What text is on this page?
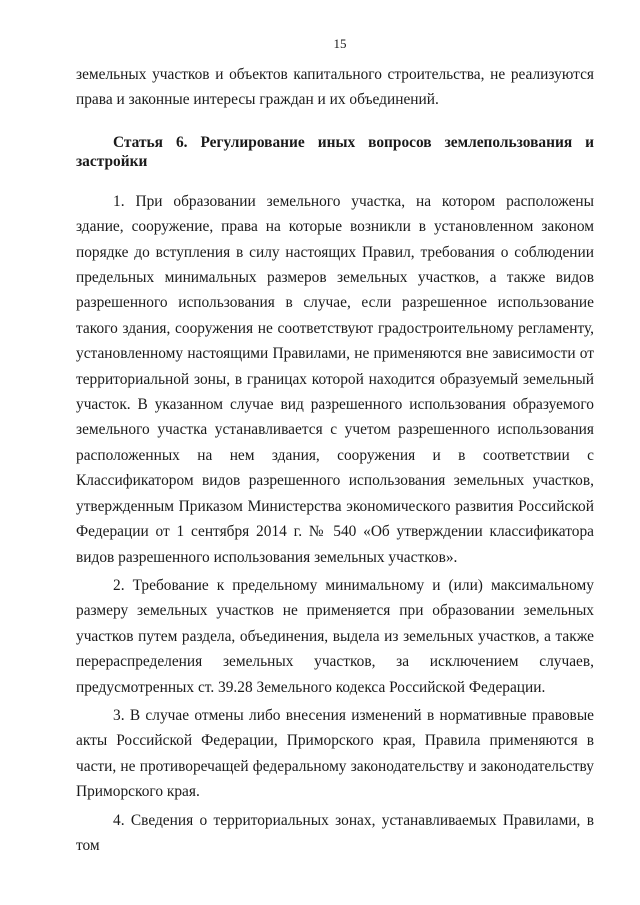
15

земельных участков и объектов капитального строительства, не реализуются права и законные интересы граждан и их объединений.

Статья 6. Регулирование иных вопросов землепользования и застройки

1. При образовании земельного участка, на котором расположены здание, сооружение, права на которые возникли в установленном законом порядке до вступления в силу настоящих Правил, требования о соблюдении предельных минимальных размеров земельных участков, а также видов разрешенного использования в случае, если разрешенное использование такого здания, сооружения не соответствуют градостроительному регламенту, установленному настоящими Правилами, не применяются вне зависимости от территориальной зоны, в границах которой находится образуемый земельный участок. В указанном случае вид разрешенного использования образуемого земельного участка устанавливается с учетом разрешенного использования расположенных на нем здания, сооружения и в соответствии с Классификатором видов разрешенного использования земельных участков, утвержденным Приказом Министерства экономического развития Российской Федерации от 1 сентября 2014 г. № 540 «Об утверждении классификатора видов разрешенного использования земельных участков».

2. Требование к предельному минимальному и (или) максимальному размеру земельных участков не применяется при образовании земельных участков путем раздела, объединения, выдела из земельных участков, а также перераспределения земельных участков, за исключением случаев, предусмотренных ст. 39.28 Земельного кодекса Российской Федерации.

3. В случае отмены либо внесения изменений в нормативные правовые акты Российской Федерации, Приморского края, Правила применяются в части, не противоречащей федеральному законодательству и законодательству Приморского края.

4. Сведения о территориальных зонах, устанавливаемых Правилами, в том
